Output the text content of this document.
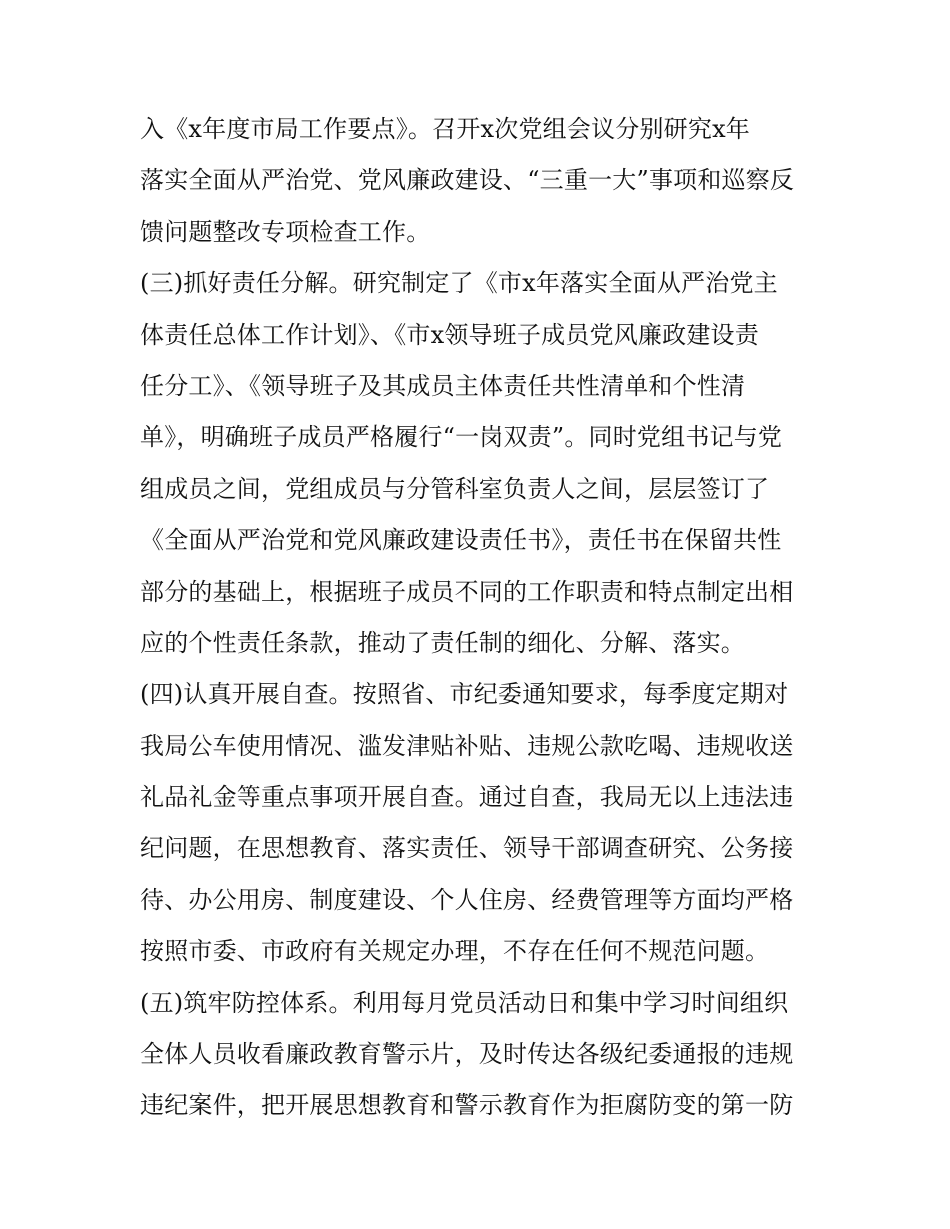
入《x年度市局工作要点》。召开x次党组会议分别研究x年
落实全面从严治党、党风廉政建设、“三重一大”事项和巡察反
馈问题整改专项检查工作。
(三)抓好责任分解。研究制定了《市x年落实全面从严治党主
体责任总体工作计划》、《市x领导班子成员党风廉政建设责
任分工》、《领导班子及其成员主体责任共性清单和个性清
单》，明确班子成员严格履行“一岗双责”。同时党组书记与党
组成员之间，党组成员与分管科室负责人之间，层层签订了
《全面从严治党和党风廉政建设责任书》，责任书在保留共性
部分的基础上，根据班子成员不同的工作职责和特点制定出相
应的个性责任条款，推动了责任制的细化、分解、落实。
(四)认真开展自查。按照省、市纪委通知要求，每季度定期对
我局公车使用情况、滥发津贴补贴、违规公款吃喝、违规收送
礼品礼金等重点事项开展自查。通过自查，我局无以上违法违
纪问题，在思想教育、落实责任、领导干部调查研究、公务接
待、办公用房、制度建设、个人住房、经费管理等方面均严格
按照市委、市政府有关规定办理，不存在任何不规范问题。
(五)筑牢防控体系。利用每月党员活动日和集中学习时间组织
全体人员收看廉政教育警示片，及时传达各级纪委通报的违规
违纪案件，把开展思想教育和警示教育作为拒腐防变的第一防
